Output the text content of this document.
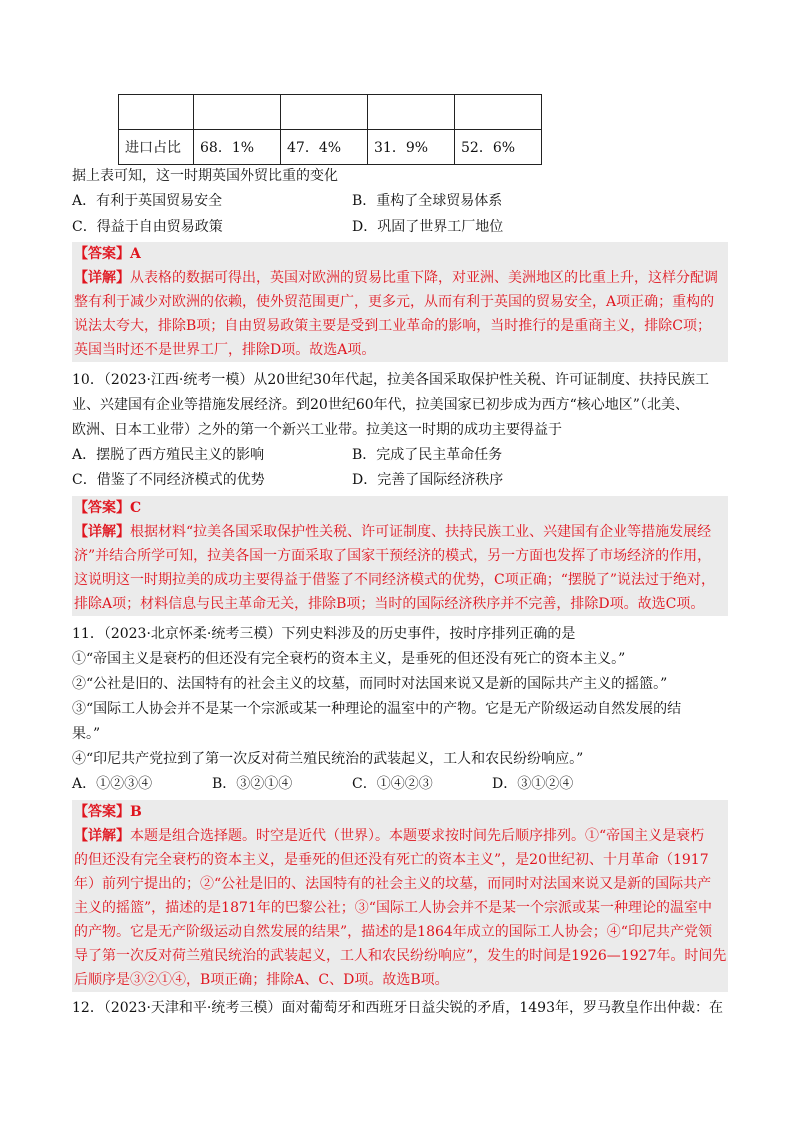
进口占比	68．1%	47．4%	31．9%	52．6%
据上表可知，这一时期英国外贸比重的变化
A．有利于英国贸易安全	B．重构了全球贸易体系
C．得益于自由贸易政策	D．巩固了世界工厂地位
【答案】A
【详解】从表格的数据可得出，英国对欧洲的贸易比重下降，对亚洲、美洲地区的比重上升，这样分配调
整有利于减少对欧洲的依赖，使外贸范围更广，更多元，从而有利于英国的贸易安全，A项正确；重构的
说法太夸大，排除B项；自由贸易政策主要是受到工业革命的影响，当时推行的是重商主义，排除C项；
英国当时还不是世界工厂，排除D项。故选A项。
10．（2023·江西·统考一模）从20世纪30年代起，拉美各国采取保护性关税、许可证制度、扶持民族工
业、兴建国有企业等措施发展经济。到20世纪60年代，拉美国家已初步成为西方“核心地区”（北美、
欧洲、日本工业带）之外的第一个新兴工业带。拉美这一时期的成功主要得益于
A．摆脱了西方殖民主义的影响	B．完成了民主革命任务
C．借鉴了不同经济模式的优势	D．完善了国际经济秩序
【答案】C
【详解】根据材料“拉美各国采取保护性关税、许可证制度、扶持民族工业、兴建国有企业等措施发展经
济”并结合所学可知，拉美各国一方面采取了国家干预经济的模式，另一方面也发挥了市场经济的作用，
这说明这一时期拉美的成功主要得益于借鉴了不同经济模式的优势，C项正确；“摆脱了”说法过于绝对，
排除A项；材料信息与民主革命无关，排除B项；当时的国际经济秩序并不完善，排除D项。故选C项。
11．（2023·北京怀柔·统考三模）下列史料涉及的历史事件，按时序排列正确的是
①“帝国主义是衰朽的但还没有完全衰朽的资本主义，是垂死的但还没有死亡的资本主义。”
②“公社是旧的、法国特有的社会主义的坟墓，而同时对法国来说又是新的国际共产主义的摇篮。”
③“国际工人协会并不是某一个宗派或某一种理论的温室中的产物。它是无产阶级运动自然发展的结
果。”
④“印尼共产党拉到了第一次反对荷兰殖民统治的武装起义，工人和农民纷纷响应。”
A．①②③④	B．③②①④	C．①④②③	D．③①②④
【答案】B
【详解】本题是组合选择题。时空是近代（世界）。本题要求按时间先后顺序排列。①“帝国主义是衰朽
的但还没有完全衰朽的资本主义，是垂死的但还没有死亡的资本主义”，是20世纪初、十月革命（1917
年）前列宁提出的；②“公社是旧的、法国特有的社会主义的坟墓，而同时对法国来说又是新的国际共产
主义的摇篮”，描述的是1871年的巴黎公社；③“国际工人协会并不是某一个宗派或某一种理论的温室中
的产物。它是无产阶级运动自然发展的结果”，描述的是1864年成立的国际工人协会；④“印尼共产党领
导了第一次反对荷兰殖民统治的武装起义，工人和农民纷纷响应”，发生的时间是1926—1927年。时间先
后顺序是③②①④，B项正确；排除A、C、D项。故选B项。
12．（2023·天津和平·统考三模）面对葡萄牙和西班牙日益尖锐的矛盾，1493年，罗马教皇作出仲裁：在
